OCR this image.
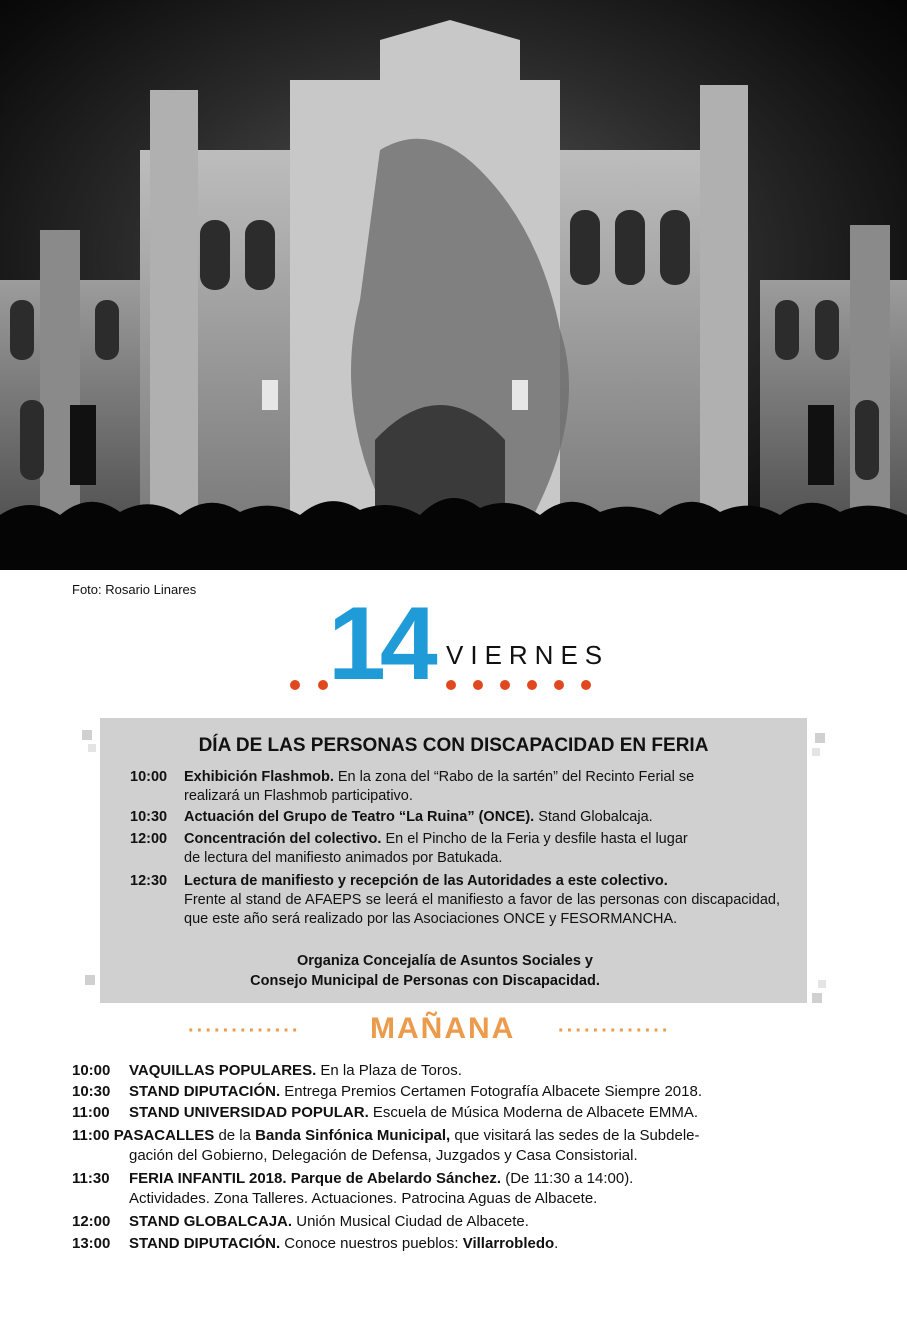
Foto: Rosario Linares 14 VIERNES
DÍA DE LAS PERSONAS CON DISCAPACIDAD EN FERIA
10:00 Exhibición Flashmob. En la zona del “Rabo de la sartén” del Recinto Ferial se
realizará un Flashmob participativo.
10:30 Actuación del Grupo de Teatro “La Ruina” (ONCE). Stand Globalcaja.
12:00 Concentración del colectivo. En el Pincho de la Feria y desfile hasta el lugar
de lectura del manifiesto animados por Batukada.
12:30 Lectura de manifiesto y recepción de las Autoridades a este colectivo.
Frente al stand de AFAEPS se leerá el manifiesto a favor de las personas con discapacidad, que este año será realizado por las Asociaciones ONCE y FESORMANCHA.
Organiza Concejalía de Asuntos Sociales y
Consejo Municipal de Personas con Discapacidad.
············· MAÑANA ·············
10:00 VAQUILLAS POPULARES. En la Plaza de Toros.
10:30 STAND DIPUTACIÓN. Entrega Premios Certamen Fotografía Albacete Siempre 2018.
11:00 STAND UNIVERSIDAD POPULAR. Escuela de Música Moderna de Albacete EMMA.
11:00 PASACALLES de la Banda Sinfónica Municipal, que visitará las sedes de la Subdele-
gación del Gobierno, Delegación de Defensa, Juzgados y Casa Consistorial.
11:30 FERIA INFANTIL 2018. Parque de Abelardo Sánchez. (De 11:30 a 14:00).
Actividades. Zona Talleres. Actuaciones. Patrocina Aguas de Albacete.
12:00 STAND GLOBALCAJA. Unión Musical Ciudad de Albacete.
13:00 STAND DIPUTACIÓN. Conoce nuestros pueblos: Villarrobledo.
